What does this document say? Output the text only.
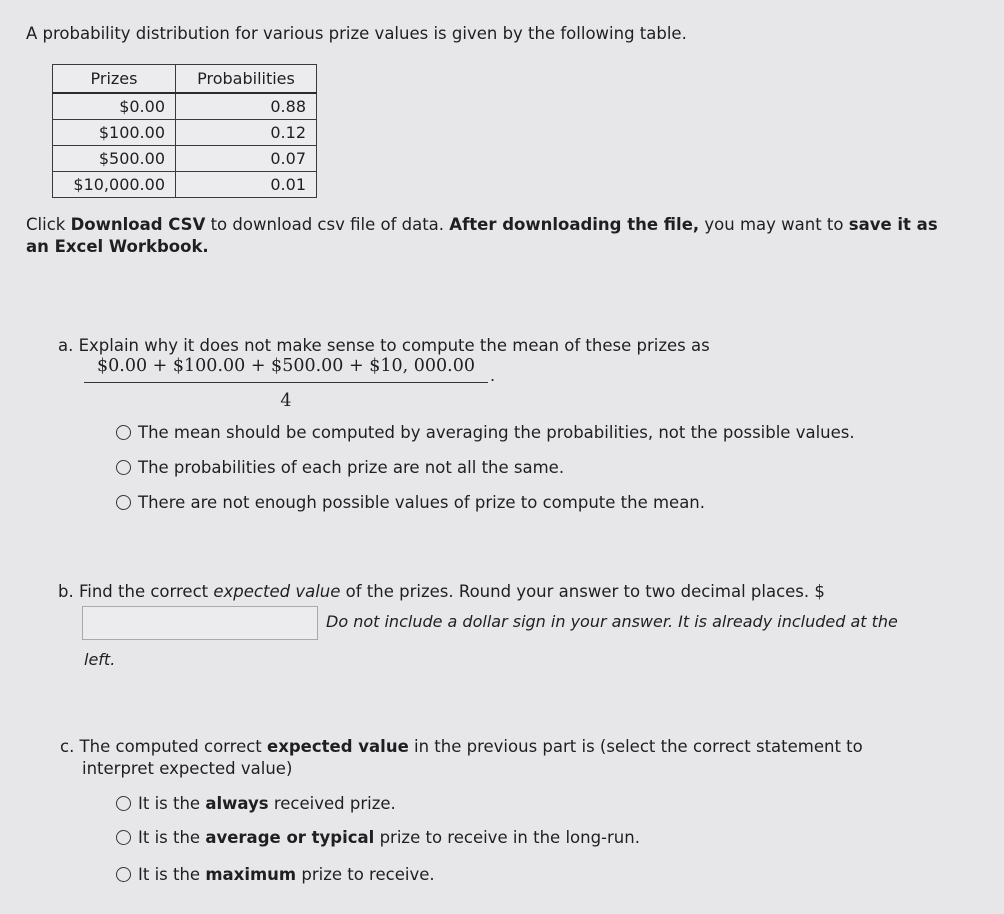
A probability distribution for various prize values is given by the following table.
Prizes	Probabilities
$0.00	0.88
$100.00	0.12
$500.00	0.07
$10,000.00	0.01
Click Download CSV to download csv file of data. After downloading the file, you may want to save it as an Excel Workbook.
a. Explain why it does not make sense to compute the mean of these prizes as
$\frac{\$0.00 + \$100.00 + \$500.00 + \$10, 000.00}{4}$ .
The mean should be computed by averaging the probabilities, not the possible values.
The probabilities of each prize are not all the same.
There are not enough possible values of prize to compute the mean.
b. Find the correct expected value of the prizes. Round your answer to two decimal places. $
Do not include a dollar sign in your answer. It is already included at the
left.
c. The computed correct expected value in the previous part is (select the correct statement to
interpret expected value)
It is the always received prize.
It is the average or typical prize to receive in the long-run.
It is the maximum prize to receive.
